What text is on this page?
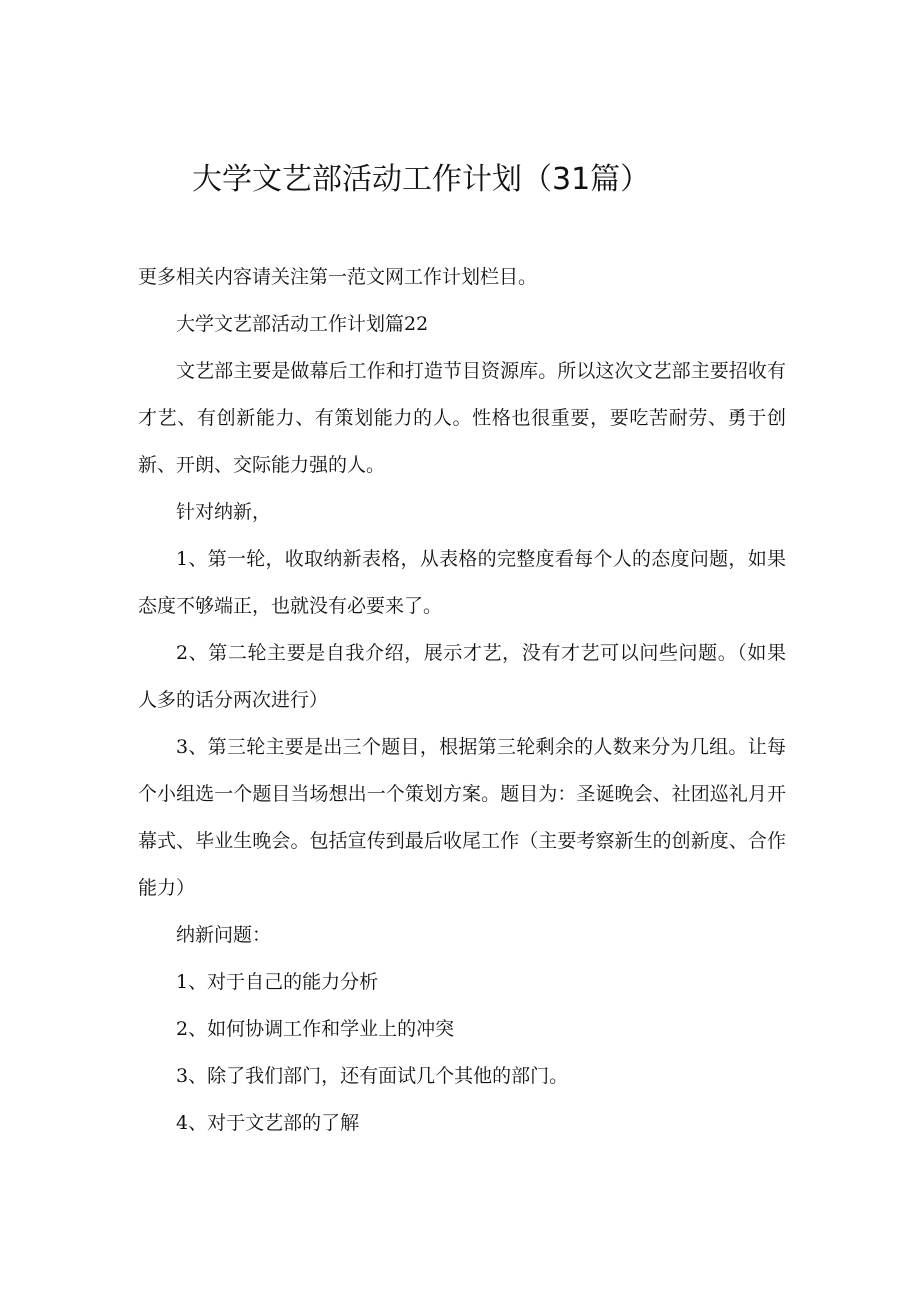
大学文艺部活动工作计划（31篇）

更多相关内容请关注第一范文网工作计划栏目。

大学文艺部活动工作计划篇22

文艺部主要是做幕后工作和打造节目资源库。所以这次文艺部主要招收有才艺、有创新能力、有策划能力的人。性格也很重要，要吃苦耐劳、勇于创新、开朗、交际能力强的人。

针对纳新，

1、第一轮，收取纳新表格，从表格的完整度看每个人的态度问题，如果态度不够端正，也就没有必要来了。

2、第二轮主要是自我介绍，展示才艺，没有才艺可以问些问题。（如果人多的话分两次进行）

3、第三轮主要是出三个题目，根据第三轮剩余的人数来分为几组。让每个小组选一个题目当场想出一个策划方案。题目为：圣诞晚会、社团巡礼月开幕式、毕业生晚会。包括宣传到最后收尾工作（主要考察新生的创新度、合作能力）

纳新问题：

1、对于自己的能力分析

2、如何协调工作和学业上的冲突

3、除了我们部门，还有面试几个其他的部门。

4、对于文艺部的了解
